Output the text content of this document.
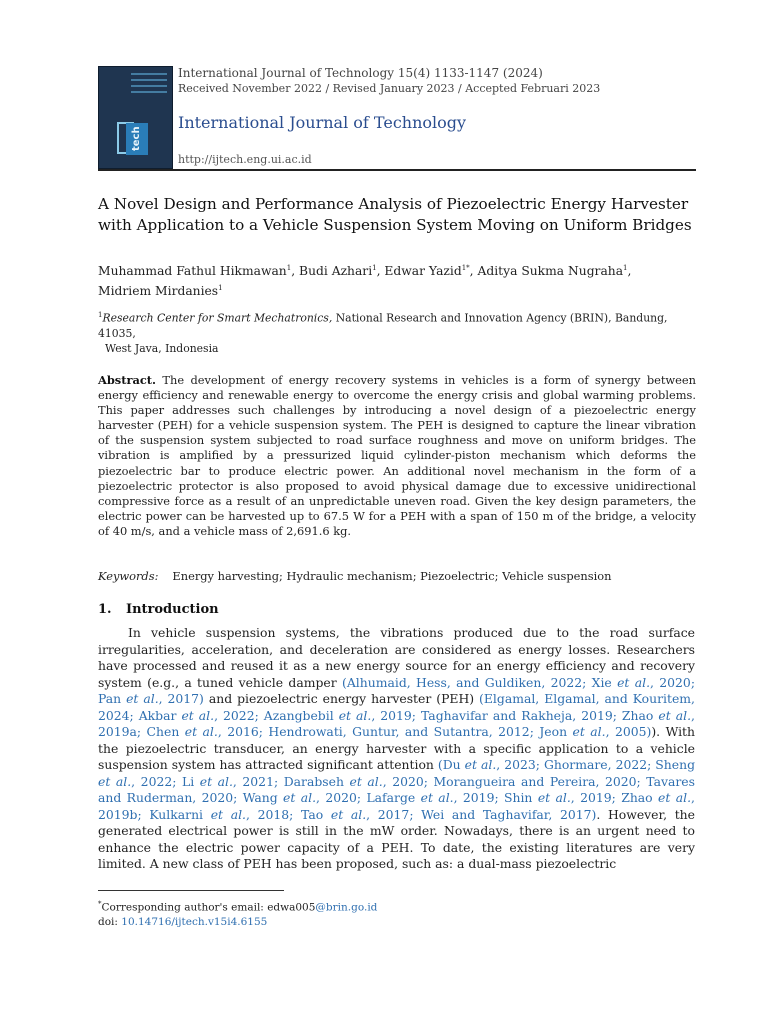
tech
International Journal of Technology 15(4) 1133-1147 (2024)
Received November 2022 / Revised January 2023 / Accepted Februari 2023
International Journal of Technology
http://ijtech.eng.ui.ac.id
A Novel Design and Performance Analysis of Piezoelectric Energy Harvester with Application to a Vehicle Suspension System Moving on Uniform Bridges
Muhammad Fathul Hikmawan$^1$, Budi Azhari$^1$, Edwar Yazid$^{1*}$, Aditya Sukma Nugraha$^1$,
Midriem Mirdanies$^1$
$^1$Research Center for Smart Mechatronics, National Research and Innovation Agency (BRIN), Bandung, 41035,
West Java, Indonesia
Abstract. The development of energy recovery systems in vehicles is a form of synergy between energy efficiency and renewable energy to overcome the energy crisis and global warming problems. This paper addresses such challenges by introducing a novel design of a piezoelectric energy harvester (PEH) for a vehicle suspension system. The PEH is designed to capture the linear vibration of the suspension system subjected to road surface roughness and move on uniform bridges. The vibration is amplified by a pressurized liquid cylinder-piston mechanism which deforms the piezoelectric bar to produce electric power. An additional novel mechanism in the form of a piezoelectric protector is also proposed to avoid physical damage due to excessive unidirectional compressive force as a result of an unpredictable uneven road. Given the key design parameters, the electric power can be harvested up to 67.5 W for a PEH with a span of 150 m of the bridge, a velocity of 40 m/s, and a vehicle mass of 2,691.6 kg.
Keywords: Energy harvesting; Hydraulic mechanism; Piezoelectric; Vehicle suspension
1. Introduction
In vehicle suspension systems, the vibrations produced due to the road surface irregularities, acceleration, and deceleration are considered as energy losses. Researchers have processed and reused it as a new energy source for an energy efficiency and recovery system (e.g., a tuned vehicle damper (Alhumaid, Hess, and Guldiken, 2022; Xie et al., 2020; Pan et al., 2017) and piezoelectric energy harvester (PEH) (Elgamal, Elgamal, and Kouritem, 2024; Akbar et al., 2022; Azangbebil et al., 2019; Taghavifar and Rakheja, 2019; Zhao et al., 2019a; Chen et al., 2016; Hendrowati, Guntur, and Sutantra, 2012; Jeon et al., 2005)). With the piezoelectric transducer, an energy harvester with a specific application to a vehicle suspension system has attracted significant attention (Du et al., 2023; Ghormare, 2022; Sheng et al., 2022; Li et al., 2021; Darabseh et al., 2020; Morangueira and Pereira, 2020; Tavares and Ruderman, 2020; Wang et al., 2020; Lafarge et al., 2019; Shin et al., 2019; Zhao et al., 2019b; Kulkarni et al., 2018; Tao et al., 2017; Wei and Taghavifar, 2017). However, the generated electrical power is still in the mW order. Nowadays, there is an urgent need to enhance the electric power capacity of a PEH. To date, the existing literatures are very limited. A new class of PEH has been proposed, such as: a dual-mass piezoelectric
*Corresponding author's email: edwa005@brin.go.id
doi: 10.14716/ijtech.v15i4.6155
